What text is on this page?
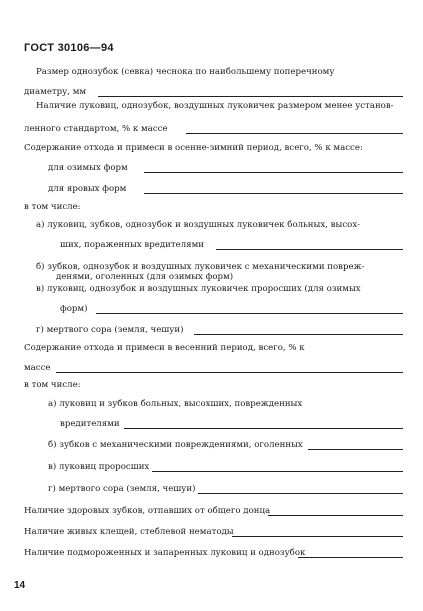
ГОСТ 30106—94
Размер однозубок (севка) чеснока по наибольшему поперечному
диаметру, мм
Наличие луковиц, однозубок, воздушных луковичек размером менее установ-
ленного стандартом, % к массе
Содержание отхода и примеси в осенне-зимний период, всего, % к массе:
для озимых форм
для яровых форм
в том числе:
а) луковиц, зубков, однозубок и воздушных луковичек больных, высох-
ших, пораженных вредителями
б) зубков, однозубок и воздушных луковичек с механическими повреж-
денями, оголенных (для озимых форм)
в) луковиц, однозубок и воздушных луковичек проросших (для озимых
форм)
г) мертвого сора (земля, чешуи)
Содержание отхода и примеси в весенний период, всего, % к
массе
в том числе:
а) луковиц и зубков больных, высохших, поврежденных
вредителями
б) зубков с механическими повреждениями, оголенных
в) луковиц проросших
г) мертвого сора (земля, чешуи)
Наличие здоровых зубков, отпавших от общего донца
Наличие живых клещей, стеблевой нематоды
Наличие подмороженных и запаренных луковиц и однозубок
14
